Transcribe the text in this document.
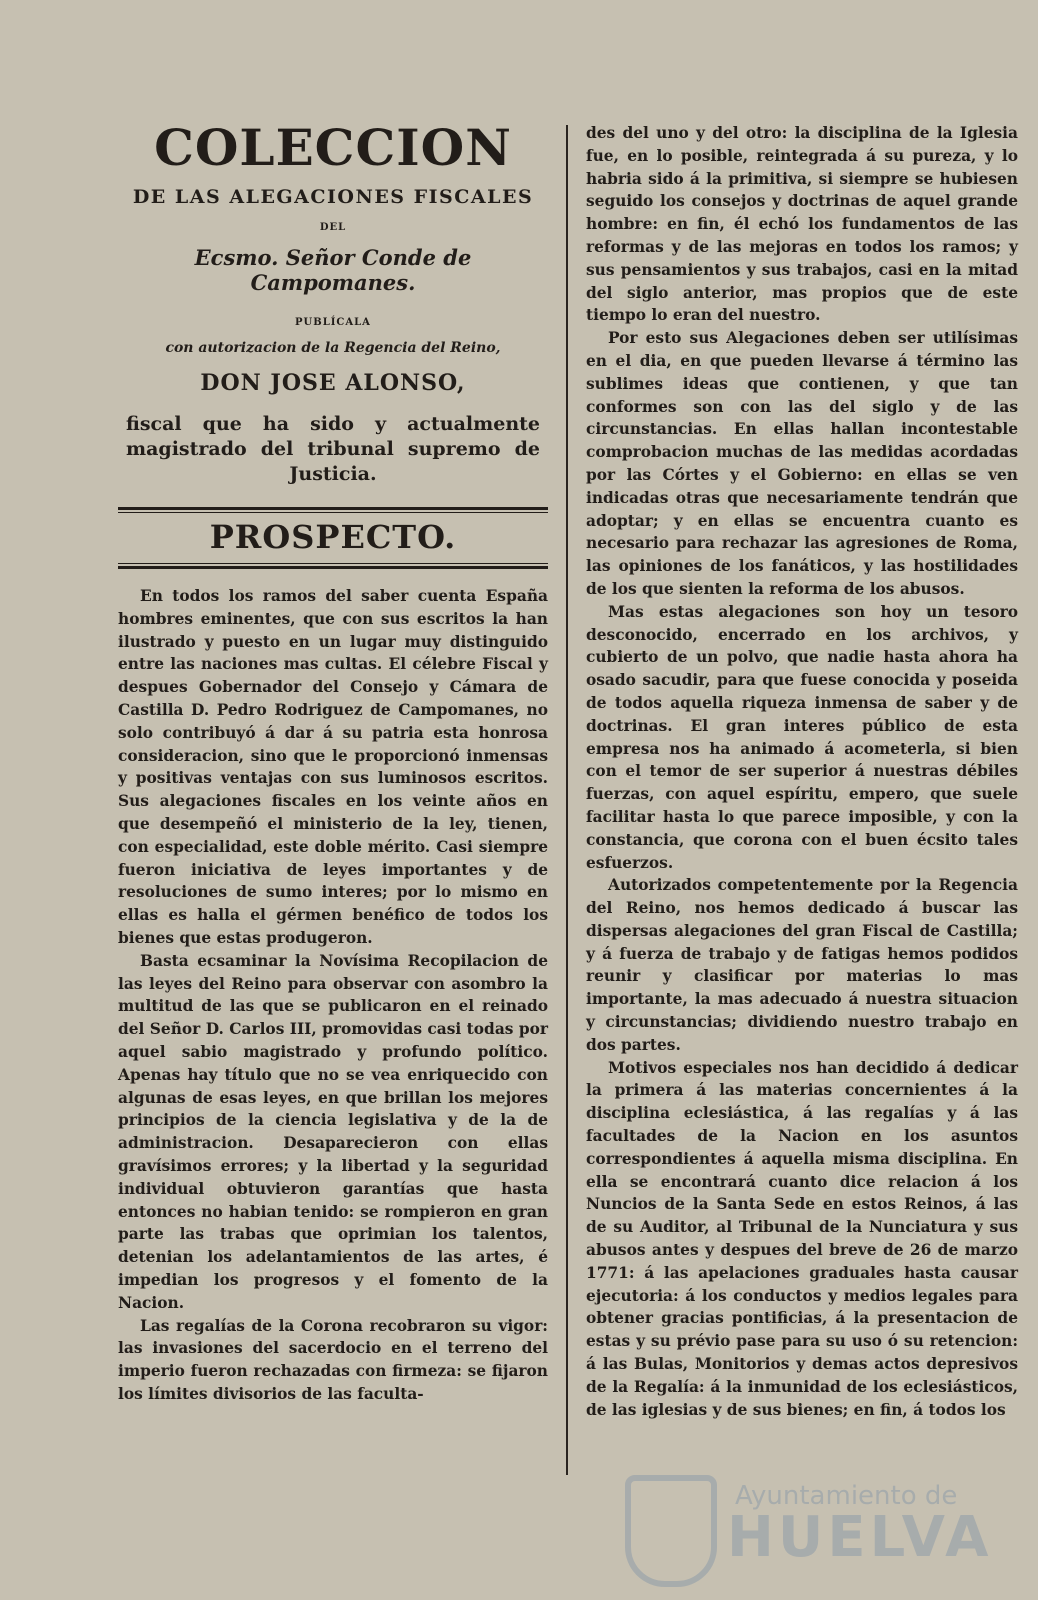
COLECCION
DE LAS ALEGACIONES FISCALES
DEL
Ecsmo. Señor Conde de Campomanes.
PUBLÍCALA
con autorizacion de la Regencia del Reino,
DON JOSE ALONSO,
fiscal que ha sido y actualmente magistrado del tribunal supremo de Justicia.
PROSPECTO.

En todos los ramos del saber cuenta España hombres eminentes, que con sus escritos la han ilustrado y puesto en un lugar muy distinguido entre las naciones mas cultas. El célebre Fiscal y despues Gobernador del Consejo y Cámara de Castilla D. Pedro Rodriguez de Campomanes, no solo contribuyó á dar á su patria esta honrosa consideracion, sino que le proporcionó inmensas y positivas ventajas con sus luminosos escritos. Sus alegaciones fiscales en los veinte años en que desempeñó el ministerio de la ley, tienen, con especialidad, este doble mérito. Casi siempre fueron iniciativa de leyes importantes y de resoluciones de sumo interes; por lo mismo en ellas es halla el gérmen benéfico de todos los bienes que estas produgeron.

Basta ecsaminar la Novísima Recopilacion de las leyes del Reino para observar con asombro la multitud de las que se publicaron en el reinado del Señor D. Carlos III, promovidas casi todas por aquel sabio magistrado y profundo político. Apenas hay título que no se vea enriquecido con algunas de esas leyes, en que brillan los mejores principios de la ciencia legislativa y de la de administracion. Desaparecieron con ellas gravísimos errores; y la libertad y la seguridad individual obtuvieron garantías que hasta entonces no habian tenido: se rompieron en gran parte las trabas que oprimian los talentos, detenian los adelantamientos de las artes, é impedian los progresos y el fomento de la Nacion.

Las regalías de la Corona recobraron su vigor: las invasiones del sacerdocio en el terreno del imperio fueron rechazadas con firmeza: se fijaron los límites divisorios de las faculta-

des del uno y del otro: la disciplina de la Iglesia fue, en lo posible, reintegrada á su pureza, y lo habria sido á la primitiva, si siempre se hubiesen seguido los consejos y doctrinas de aquel grande hombre: en fin, él echó los fundamentos de las reformas y de las mejoras en todos los ramos; y sus pensamientos y sus trabajos, casi en la mitad del siglo anterior, mas propios que de este tiempo lo eran del nuestro.

Por esto sus Alegaciones deben ser utilísimas en el dia, en que pueden llevarse á término las sublimes ideas que contienen, y que tan conformes son con las del siglo y de las circunstancias. En ellas hallan incontestable comprobacion muchas de las medidas acordadas por las Córtes y el Gobierno: en ellas se ven indicadas otras que necesariamente tendrán que adoptar; y en ellas se encuentra cuanto es necesario para rechazar las agresiones de Roma, las opiniones de los fanáticos, y las hostilidades de los que sienten la reforma de los abusos.

Mas estas alegaciones son hoy un tesoro desconocido, encerrado en los archivos, y cubierto de un polvo, que nadie hasta ahora ha osado sacudir, para que fuese conocida y poseida de todos aquella riqueza inmensa de saber y de doctrinas. El gran interes público de esta empresa nos ha animado á acometerla, si bien con el temor de ser superior á nuestras débiles fuerzas, con aquel espíritu, empero, que suele facilitar hasta lo que parece imposible, y con la constancia, que corona con el buen écsito tales esfuerzos.

Autorizados competentemente por la Regencia del Reino, nos hemos dedicado á buscar las dispersas alegaciones del gran Fiscal de Castilla; y á fuerza de trabajo y de fatigas hemos podidos reunir y clasificar por materias lo mas importante, la mas adecuado á nuestra situacion y circunstancias; dividiendo nuestro trabajo en dos partes.

Motivos especiales nos han decidido á dedicar la primera á las materias concernientes á la disciplina eclesiástica, á las regalías y á las facultades de la Nacion en los asuntos correspondientes á aquella misma disciplina. En ella se encontrará cuanto dice relacion á los Nuncios de la Santa Sede en estos Reinos, á las de su Auditor, al Tribunal de la Nunciatura y sus abusos antes y despues del breve de 26 de marzo 1771: á las apelaciones graduales hasta causar ejecutoria: á los conductos y medios legales para obtener gracias pontificias, á la presentacion de estas y su prévio pase para su uso ó su retencion: á las Bulas, Monitorios y demas actos depresivos de la Regalía: á la inmunidad de los eclesiásticos, de las iglesias y de sus bienes; en fin, á todos los

Ayuntamiento de
HUELVA
